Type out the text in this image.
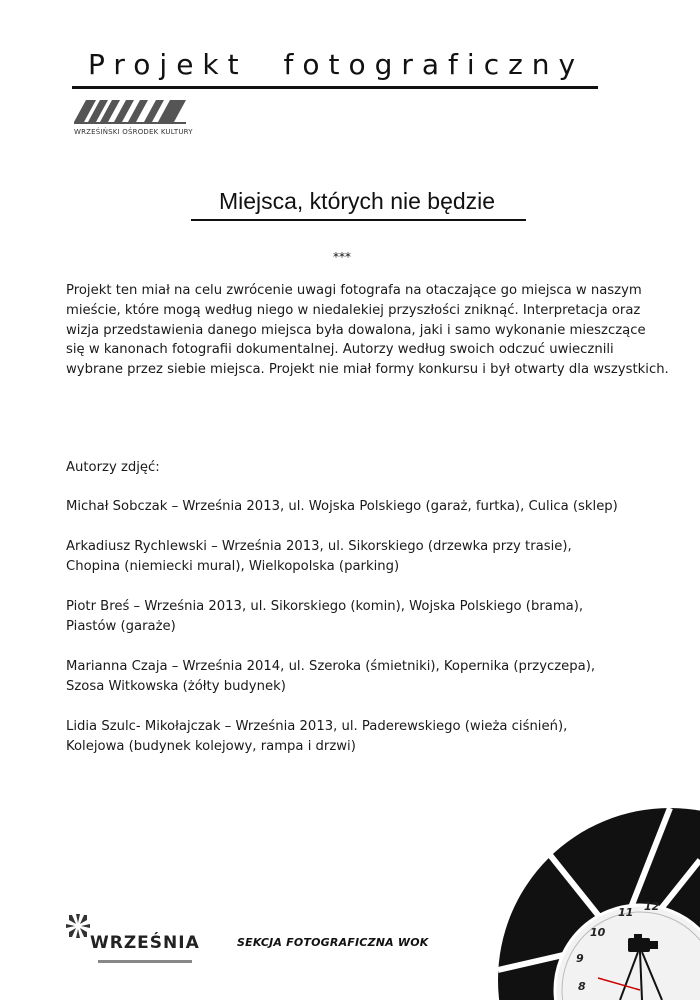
Projekt fotograficzny
WRZEŚIŃSKI OŚRODEK KULTURY
Miejsca, których nie będzie
***
Projekt ten miał na celu zwrócenie uwagi fotografa na otaczające go miejsca w naszym
mieście, które mogą według niego w niedalekiej przyszłości zniknąć. Interpretacja oraz
wizja przedstawienia danego miejsca była dowalona, jaki i samo wykonanie mieszczące
się w kanonach fotografii dokumentalnej. Autorzy według swoich odczuć uwiecznili
wybrane przez siebie miejsca. Projekt nie miał formy konkursu i był otwarty dla wszystkich.
Autorzy zdjęć:
Michał Sobczak – Września 2013, ul. Wojska Polskiego (garaż, furtka), Culica (sklep)
Arkadiusz Rychlewski – Września 2013, ul. Sikorskiego (drzewka przy trasie),
Chopina (niemiecki mural), Wielkopolska (parking)
Piotr Breś – Września 2013, ul. Sikorskiego (komin), Wojska Polskiego (brama),
Piastów (garaże)
Marianna Czaja – Września 2014, ul. Szeroka (śmietniki), Kopernika (przyczepa),
Szosa Witkowska (żółty budynek)
Lidia Szulc- Mikołajczak – Września 2013, ul. Paderewskiego (wieża ciśnień),
Kolejowa (budynek kolejowy, rampa i drzwi)
WRZEŚNIA	SEKCJA FOTOGRAFICZNA WOK
11 12
10
9
8
